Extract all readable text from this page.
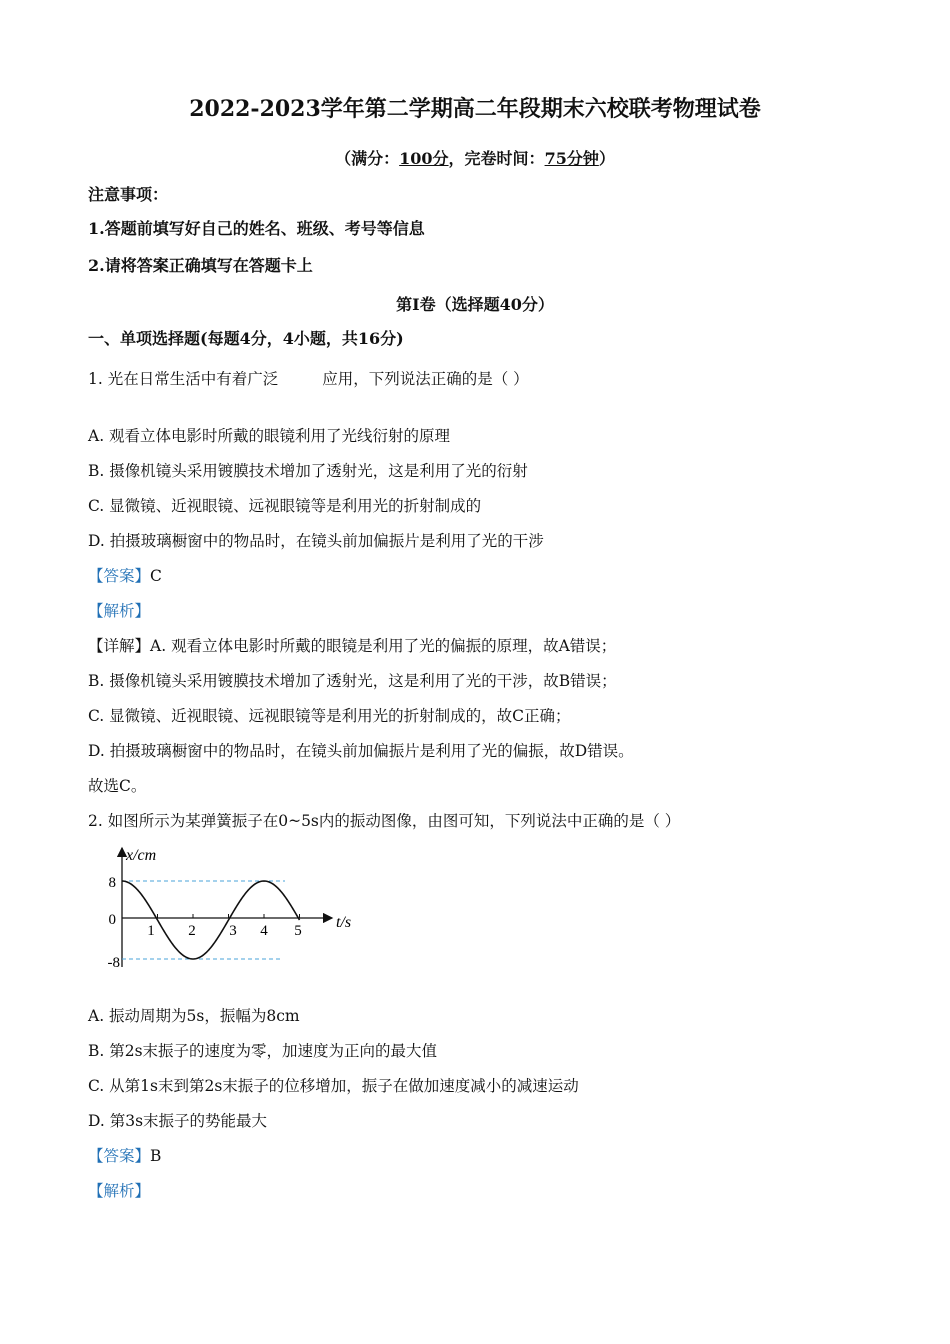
2022-2023学年第二学期高二年段期末六校联考物理试卷
（满分：100分，完卷时间：75分钟）
注意事项：
1.答题前填写好自己的姓名、班级、考号等信息
2.请将答案正确填写在答题卡上
第I卷（选择题40分）
一、单项选择题(每题4分，4小题，共16分)
1. 光在日常生活中有着广泛	应用，下列说法正确的是（ ）
A. 观看立体电影时所戴的眼镜利用了光线衍射的原理
B. 摄像机镜头采用镀膜技术增加了透射光，这是利用了光的衍射
C. 显微镜、近视眼镜、远视眼镜等是利用光的折射制成的
D. 拍摄玻璃橱窗中的物品时，在镜头前加偏振片是利用了光的干涉
【答案】C
【解析】
【详解】A. 观看立体电影时所戴的眼镜是利用了光的偏振的原理，故A错误；
B. 摄像机镜头采用镀膜技术增加了透射光，这是利用了光的干涉，故B错误；
C. 显微镜、近视眼镜、远视眼镜等是利用光的折射制成的，故C正确；
D. 拍摄玻璃橱窗中的物品时，在镜头前加偏振片是利用了光的偏振，故D错误。
故选C。
2. 如图所示为某弹簧振子在0~5s内的振动图像，由图可知，下列说法中正确的是（ ）
8
0
-8
x/cm
t/s
1 2 3 4 5
A. 振动周期为5s，振幅为8cm
B. 第2s末振子的速度为零，加速度为正向的最大值
C. 从第1s末到第2s末振子的位移增加，振子在做加速度减小的减速运动
D. 第3s末振子的势能最大
【答案】B
【解析】
